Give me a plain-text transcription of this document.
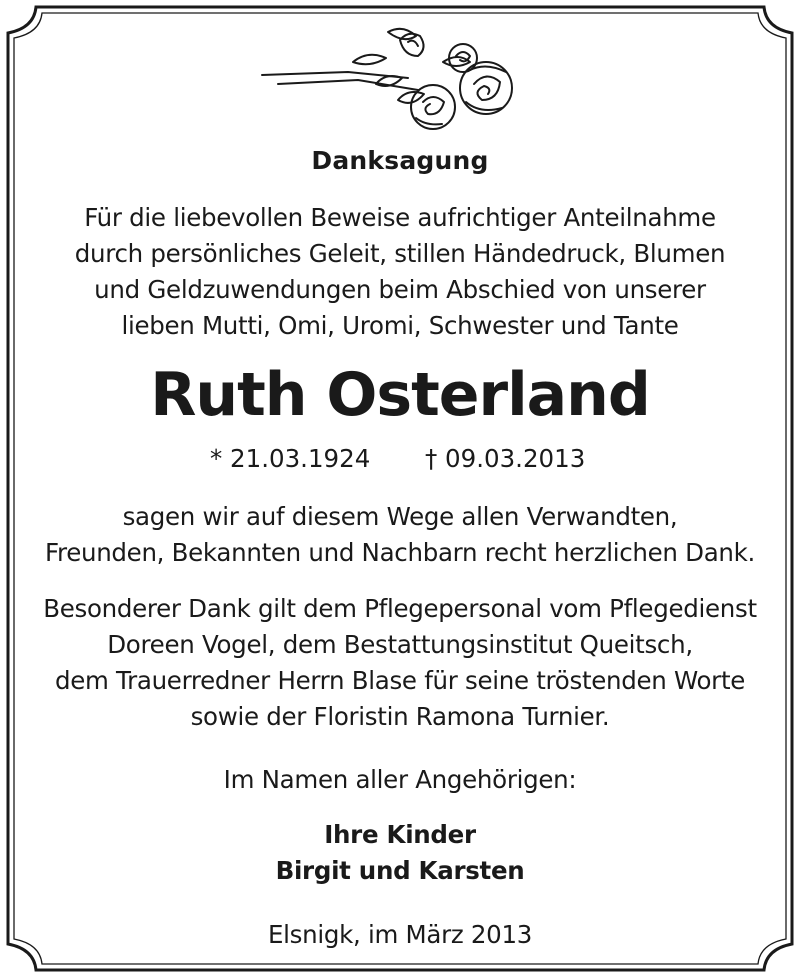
Danksagung
Für die liebevollen Beweise aufrichtiger Anteilnahme
durch persönliches Geleit, stillen Händedruck, Blumen
und Geldzuwendungen beim Abschied von unserer
lieben Mutti, Omi, Uromi, Schwester und Tante
Ruth Osterland
* 21.03.1924 † 09.03.2013
sagen wir auf diesem Wege allen Verwandten,
Freunden, Bekannten und Nachbarn recht herzlichen Dank.
Besonderer Dank gilt dem Pflegepersonal vom Pflegedienst
Doreen Vogel, dem Bestattungsinstitut Queitsch,
dem Trauerredner Herrn Blase für seine tröstenden Worte
sowie der Floristin Ramona Turnier.
Im Namen aller Angehörigen:
Ihre Kinder
Birgit und Karsten
Elsnigk, im März 2013
